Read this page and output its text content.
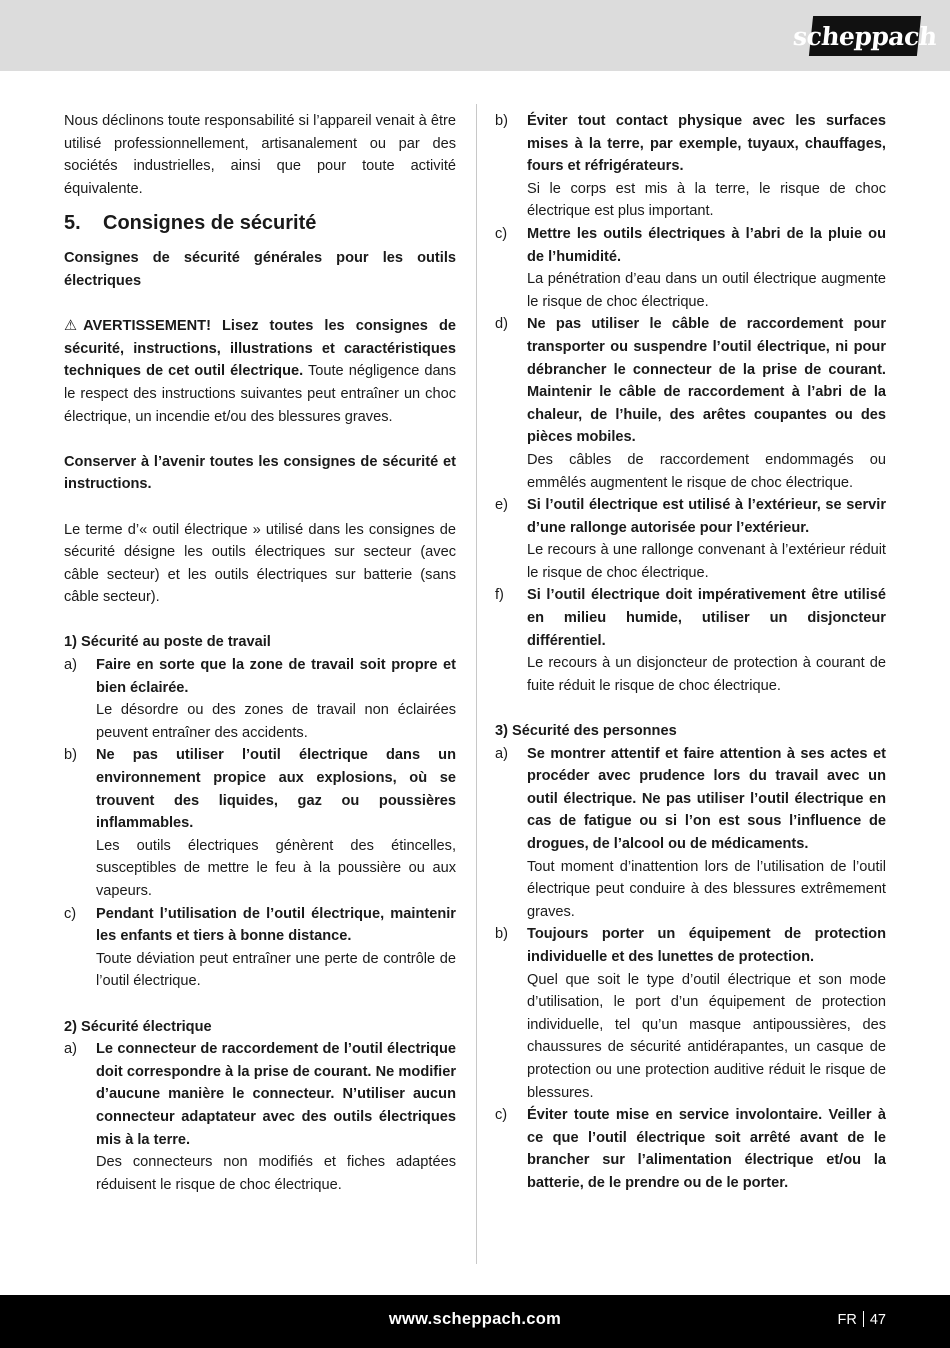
scheppach

Nous déclinons toute responsabilité si l’appareil venait à être utilisé professionnellement, artisanalement ou par des sociétés industrielles, ainsi que pour toute activité équivalente.

5.	Consignes de sécurité

Consignes de sécurité générales pour les outils électriques

⚠ AVERTISSEMENT! Lisez toutes les consignes de sécurité, instructions, illustrations et caractéristiques techniques de cet outil électrique. Toute négligence dans le respect des instructions suivantes peut entraîner un choc électrique, un incendie et/ou des blessures graves.

Conserver à l’avenir toutes les consignes de sécurité et instructions.

Le terme d’« outil électrique » utilisé dans les consignes de sécurité désigne les outils électriques sur secteur (avec câble secteur) et les outils électriques sur batterie (sans câble secteur).

1) Sécurité au poste de travail

a) Faire en sorte que la zone de travail soit propre et bien éclairée.

Le désordre ou des zones de travail non éclairées peuvent entraîner des accidents.

b) Ne pas utiliser l’outil électrique dans un environnement propice aux explosions, où se trouvent des liquides, gaz ou poussières inflammables.

Les outils électriques génèrent des étincelles, susceptibles de mettre le feu à la poussière ou aux vapeurs.

c) Pendant l’utilisation de l’outil électrique, maintenir les enfants et tiers à bonne distance.

Toute déviation peut entraîner une perte de contrôle de l’outil électrique.

2) Sécurité électrique

a) Le connecteur de raccordement de l’outil électrique doit correspondre à la prise de courant. Ne modifier d’aucune manière le connecteur. N’utiliser aucun connecteur adaptateur avec des outils électriques mis à la terre.

Des connecteurs non modifiés et fiches adaptées réduisent le risque de choc électrique.

b) Éviter tout contact physique avec les surfaces mises à la terre, par exemple, tuyaux, chauffages, fours et réfrigérateurs.

Si le corps est mis à la terre, le risque de choc électrique est plus important.

c) Mettre les outils électriques à l’abri de la pluie ou de l’humidité.

La pénétration d’eau dans un outil électrique augmente le risque de choc électrique.

d) Ne pas utiliser le câble de raccordement pour transporter ou suspendre l’outil électrique, ni pour débrancher le connecteur de la prise de courant. Maintenir le câble de raccordement à l’abri de la chaleur, de l’huile, des arêtes coupantes ou des pièces mobiles.

Des câbles de raccordement endommagés ou emmêlés augmentent le risque de choc électrique.

e) Si l’outil électrique est utilisé à l’extérieur, se servir d’une rallonge autorisée pour l’extérieur.

Le recours à une rallonge convenant à l’extérieur réduit le risque de choc électrique.

f) Si l’outil électrique doit impérativement être utilisé en milieu humide, utiliser un disjoncteur différentiel.

Le recours à un disjoncteur de protection à courant de fuite réduit le risque de choc électrique.

3) Sécurité des personnes

a) Se montrer attentif et faire attention à ses actes et procéder avec prudence lors du travail avec un outil électrique. Ne pas utiliser l’outil électrique en cas de fatigue ou si l’on est sous l’influence de drogues, de l’alcool ou de médicaments.

Tout moment d’inattention lors de l’utilisation de l’outil électrique peut conduire à des blessures extrêmement graves.

b) Toujours porter un équipement de protection individuelle et des lunettes de protection.

Quel que soit le type d’outil électrique et son mode d’utilisation, le port d’un équipement de protection individuelle, tel qu’un masque antipoussières, des chaussures de sécurité antidérapantes, un casque de protection ou une protection auditive réduit le risque de blessures.

c) Éviter toute mise en service involontaire. Veiller à ce que l’outil électrique soit arrêté avant de le brancher sur l’alimentation électrique et/ou la batterie, de le prendre ou de le porter.

www.scheppach.com	FR 47
